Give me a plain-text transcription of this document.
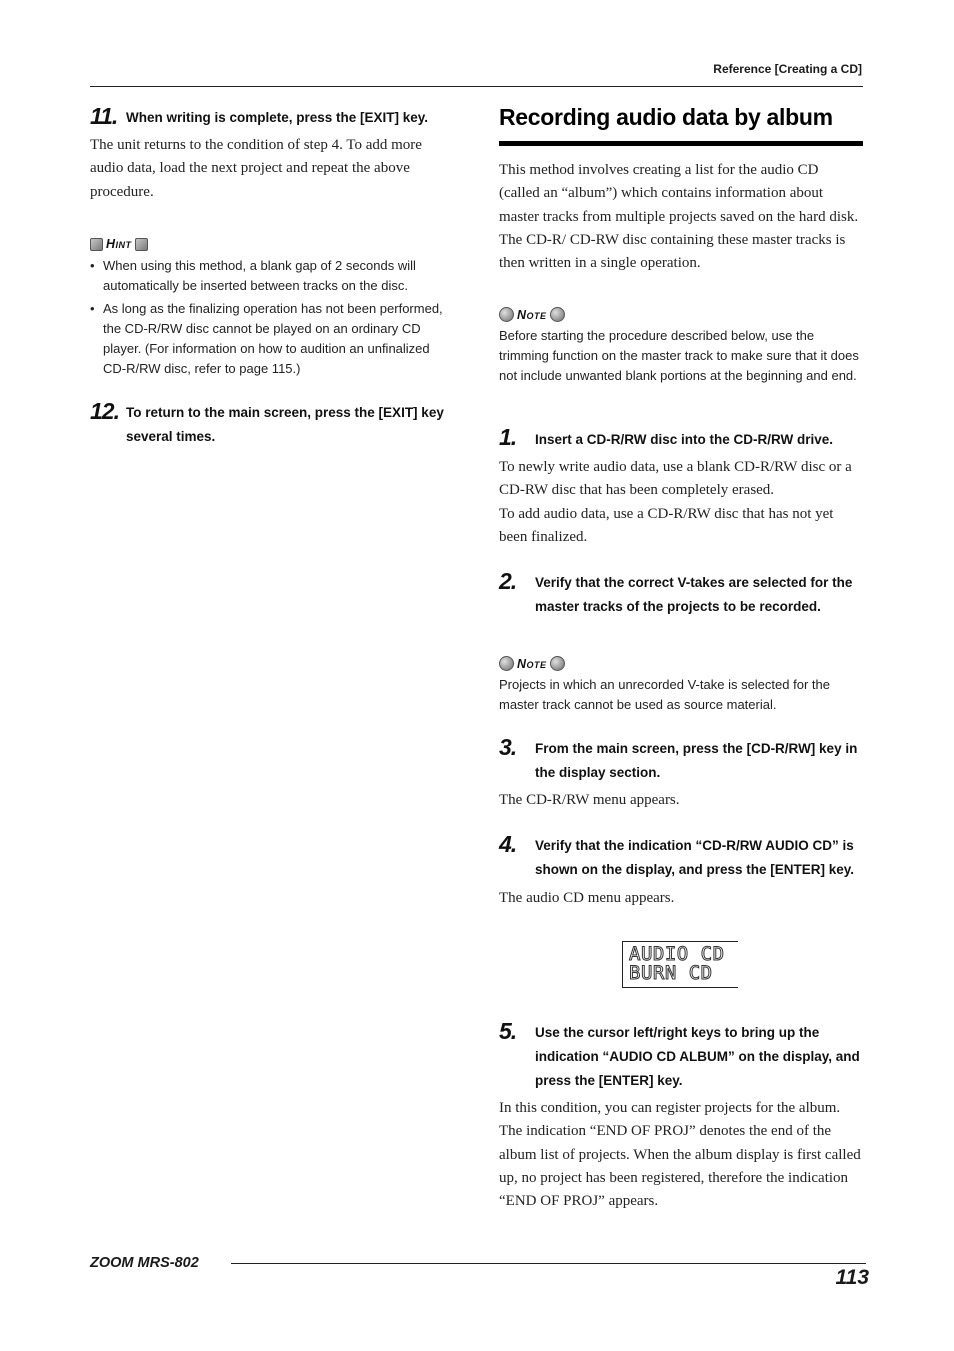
Reference [Creating a CD]
11. When writing is complete, press the [EXIT] key.
The unit returns to the condition of step 4. To add more audio data, load the next project and repeat the above procedure.
Hint
• When using this method, a blank gap of 2 seconds will automatically be inserted between tracks on the disc.
• As long as the finalizing operation has not been performed, the CD-R/RW disc cannot be played on an ordinary CD player. (For information on how to audition an unfinalized CD-R/RW disc, refer to page 115.)
12. To return to the main screen, press the [EXIT] key several times.
Recording audio data by album
This method involves creating a list for the audio CD (called an “album”) which contains information about master tracks from multiple projects saved on the hard disk. The CD-R/ CD-RW disc containing these master tracks is then written in a single operation.
Note
Before starting the procedure described below, use the trimming function on the master track to make sure that it does not include unwanted blank portions at the beginning and end.
1. Insert a CD-R/RW disc into the CD-R/RW drive.
To newly write audio data, use a blank CD-R/RW disc or a CD-RW disc that has been completely erased.
To add audio data, use a CD-R/RW disc that has not yet been finalized.
2. Verify that the correct V-takes are selected for the master tracks of the projects to be recorded.
Note
Projects in which an unrecorded V-take is selected for the master track cannot be used as source material.
3. From the main screen, press the [CD-R/RW] key in the display section.
The CD-R/RW menu appears.
4. Verify that the indication “CD-R/RW AUDIO CD” is shown on the display, and press the [ENTER] key.
The audio CD menu appears.
AUDIO CD
BURN CD
5. Use the cursor left/right keys to bring up the indication “AUDIO CD ALBUM” on the display, and press the [ENTER] key.
In this condition, you can register projects for the album. The indication “END OF PROJ” denotes the end of the album list of projects. When the album display is first called up, no project has been registered, therefore the indication “END OF PROJ” appears.
ZOOM MRS-802
113
